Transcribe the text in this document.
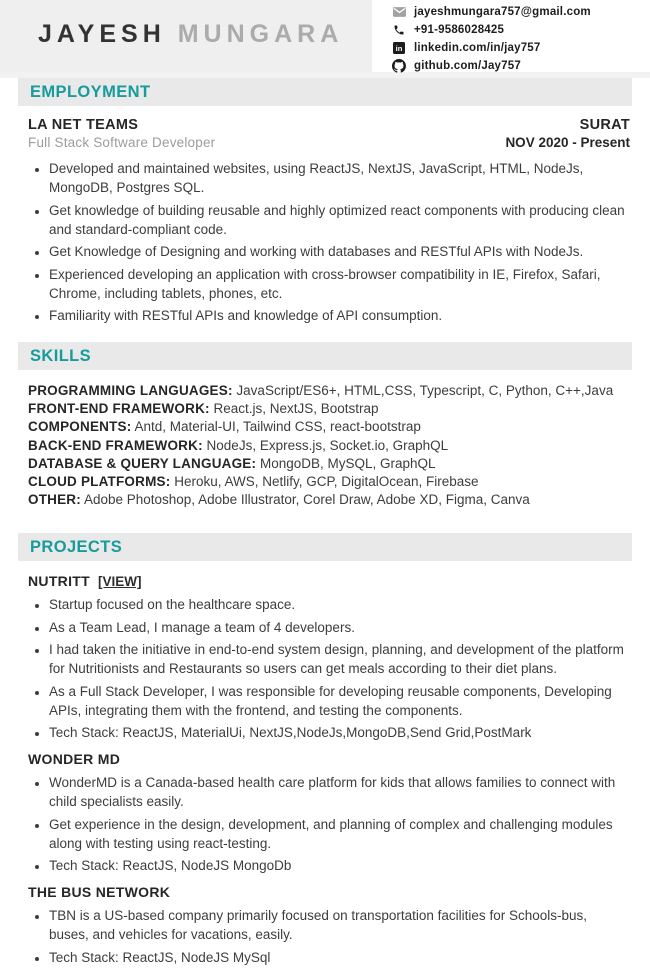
JAYESH MUNGARA
jayeshmungara757@gmail.com
+91-9586028425
in linkedin.com/in/jay757
github.com/Jay757
EMPLOYMENT
LA NET TEAMS	SURAT
Full Stack Software Developer	NOV 2020 - Present
• Developed and maintained websites, using ReactJS, NextJS, JavaScript, HTML, NodeJs, MongoDB, Postgres SQL.
• Get knowledge of building reusable and highly optimized react components with producing clean and standard-compliant code.
• Get Knowledge of Designing and working with databases and RESTful APIs with NodeJs.
• Experienced developing an application with cross-browser compatibility in IE, Firefox, Safari, Chrome, including tablets, phones, etc.
• Familiarity with RESTful APIs and knowledge of API consumption.
SKILLS
PROGRAMMING LANGUAGES: JavaScript/ES6+, HTML,CSS, Typescript, C, Python, C++,Java
FRONT-END FRAMEWORK: React.js, NextJS, Bootstrap
COMPONENTS: Antd, Material-UI, Tailwind CSS, react-bootstrap
BACK-END FRAMEWORK: NodeJs, Express.js, Socket.io, GraphQL
DATABASE & QUERY LANGUAGE: MongoDB, MySQL, GraphQL
CLOUD PLATFORMS: Heroku, AWS, Netlify, GCP, DigitalOcean, Firebase
OTHER: Adobe Photoshop, Adobe Illustrator, Corel Draw, Adobe XD, Figma, Canva
PROJECTS
NUTRITT [VIEW]
• Startup focused on the healthcare space.
• As a Team Lead, I manage a team of 4 developers.
• I had taken the initiative in end-to-end system design, planning, and development of the platform for Nutritionists and Restaurants so users can get meals according to their diet plans.
• As a Full Stack Developer, I was responsible for developing reusable components, Developing APIs, integrating them with the frontend, and testing the components.
• Tech Stack: ReactJS, MaterialUi, NextJS,NodeJs,MongoDB,Send Grid,PostMark
WONDER MD
• WonderMD is a Canada-based health care platform for kids that allows families to connect with child specialists easily.
• Get experience in the design, development, and planning of complex and challenging modules along with testing using react-testing.
• Tech Stack: ReactJS, NodeJS MongoDb
THE BUS NETWORK
• TBN is a US-based company primarily focused on transportation facilities for Schools-bus, buses, and vehicles for vacations, easily.
• Tech Stack: ReactJS, NodeJS MySql
